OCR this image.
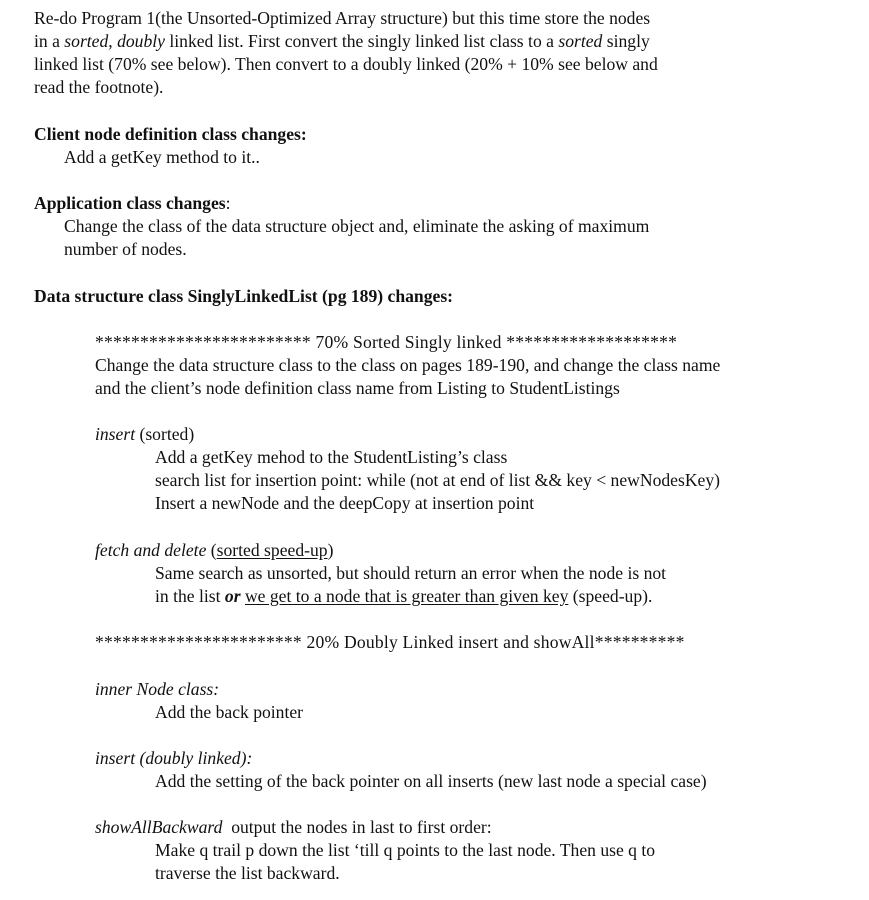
Re-do Program 1(the Unsorted-Optimized Array structure) but this time store the nodes
in a sorted, doubly linked list. First convert the singly linked list class to a sorted singly
linked list (70% see below). Then convert to a doubly linked (20% + 10% see below and
read the footnote).
Client node definition class changes:
Add a getKey method to it..
Application class changes:
Change the class of the data structure object and, eliminate the asking of maximum
number of nodes.
Data structure class SinglyLinkedList (pg 189) changes:
************************ 70% Sorted Singly linked *******************
Change the data structure class to the class on pages 189-190, and change the class name
and the client’s node definition class name from Listing to StudentListings
insert (sorted)
Add a getKey mehod to the StudentListing’s class
search list for insertion point: while (not at end of list && key < newNodesKey)
Insert a newNode and the deepCopy at insertion point
fetch and delete (sorted speed-up)
Same search as unsorted, but should return an error when the node is not
in the list or we get to a node that is greater than given key (speed-up).
*********************** 20% Doubly Linked insert and showAll**********
inner Node class:
Add the back pointer
insert (doubly linked):
Add the setting of the back pointer on all inserts (new last node a special case)
showAllBackward  output the nodes in last to first order:
Make q trail p down the list ‘till q points to the last node. Then use q to
traverse the list backward.
